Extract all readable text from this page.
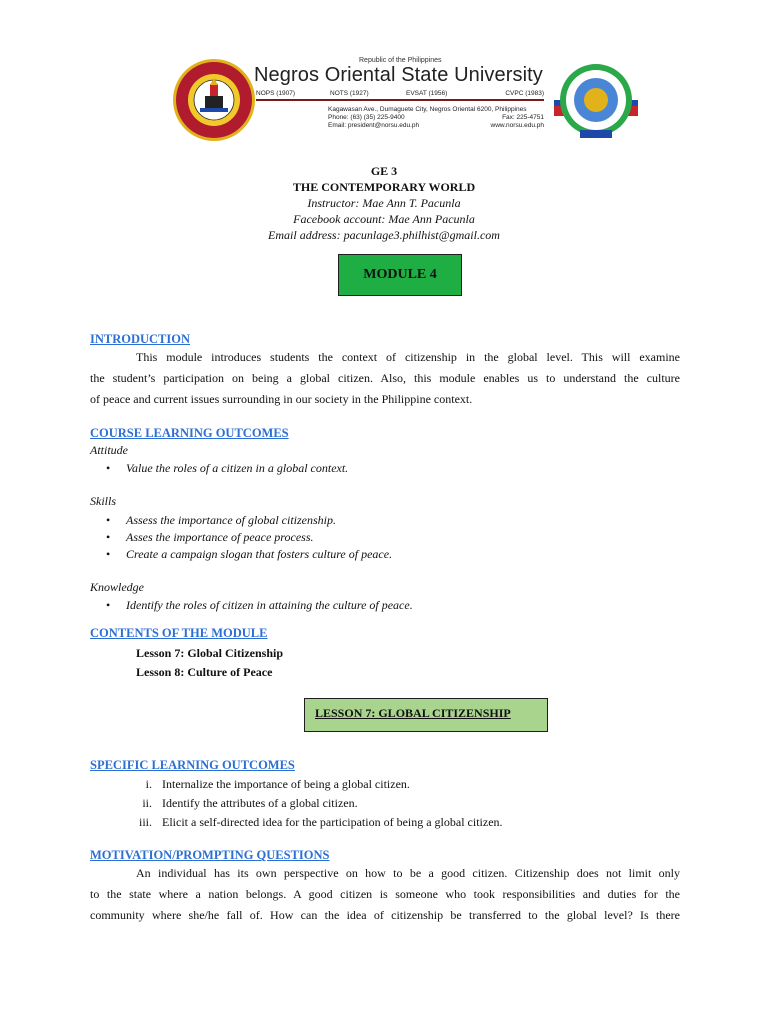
Republic of the Philippines
Negros Oriental State University
NOPS (1907)	NOTS (1927)	EVSAT (1956)	CVPC (1983)
Kagawasan Ave., Dumaguete City, Negros Oriental 6200, Philippines
Phone: (63) (35) 225-9400	Fax: 225-4751
Email: president@norsu.edu.ph	www.norsu.edu.ph
GE 3
THE CONTEMPORARY WORLD
Instructor: Mae Ann T. Pacunla
Facebook account: Mae Ann Pacunla
Email address: pacunlage3.philhist@gmail.com
MODULE 4
INTRODUCTION
This module introduces students the context of citizenship in the global level. This will examine
the student’s participation on being a global citizen. Also, this module enables us to understand the culture
of peace and current issues surrounding in our society in the Philippine context.
COURSE LEARNING OUTCOMES
Attitude
• Value the roles of a citizen in a global context.
Skills
• Assess the importance of global citizenship.
• Asses the importance of peace process.
• Create a campaign slogan that fosters culture of peace.
Knowledge
• Identify the roles of citizen in attaining the culture of peace.
CONTENTS OF THE MODULE
Lesson 7: Global Citizenship
Lesson 8: Culture of Peace
LESSON 7: GLOBAL CITIZENSHIP
SPECIFIC LEARNING OUTCOMES
i. Internalize the importance of being a global citizen.
ii. Identify the attributes of a global citizen.
iii. Elicit a self-directed idea for the participation of being a global citizen.
MOTIVATION/PROMPTING QUESTIONS
An individual has its own perspective on how to be a good citizen. Citizenship does not limit only
to the state where a nation belongs. A good citizen is someone who took responsibilities and duties for the
community where she/he fall of. How can the idea of citizenship be transferred to the global level? Is there
